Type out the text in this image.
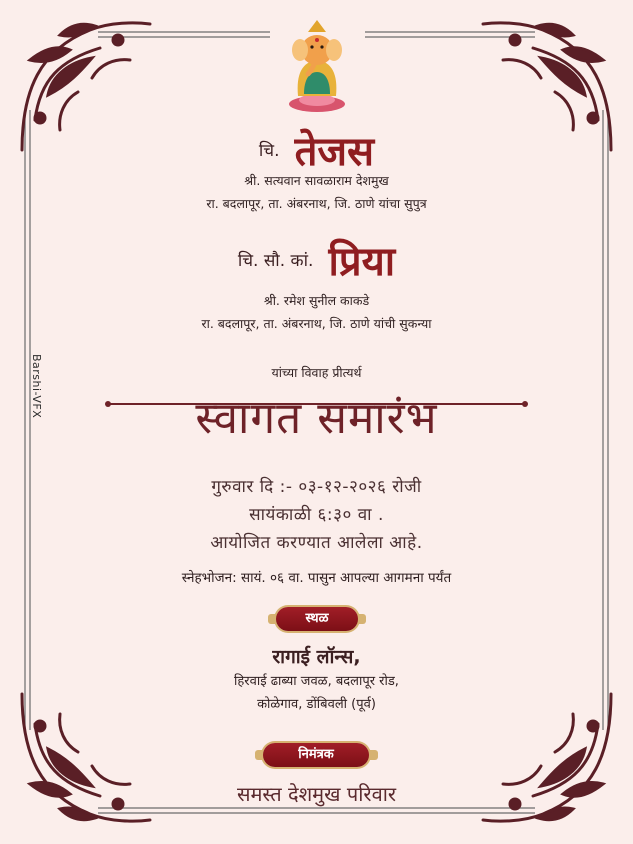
चि. तेजस
श्री. सत्यवान सावळाराम देशमुख
रा. बदलापूर, ता. अंबरनाथ, जि. ठाणे यांचा सुपुत्र
चि. सौ. कां. प्रिया
श्री. रमेश सुनील काकडे
रा. बदलापूर, ता. अंबरनाथ, जि. ठाणे यांची सुकन्या
यांच्या विवाह प्रीत्यर्थ
स्वागत समारंभ
गुरुवार दि :- ०३-१२-२०२६ रोजी
सायंकाळी ६:३० वा .
आयोजित करण्यात आलेला आहे.
स्नेहभोजन: सायं. ०६ वा. पासुन आपल्या आगमना पर्यंत
स्थळ
रागाई लॉन्स,
हिरवाई ढाब्या जवळ, बदलापूर रोड,
कोळेगाव, डोंबिवली (पूर्व)
निमंत्रक
समस्त देशमुख परिवार
Barshi-VFX
